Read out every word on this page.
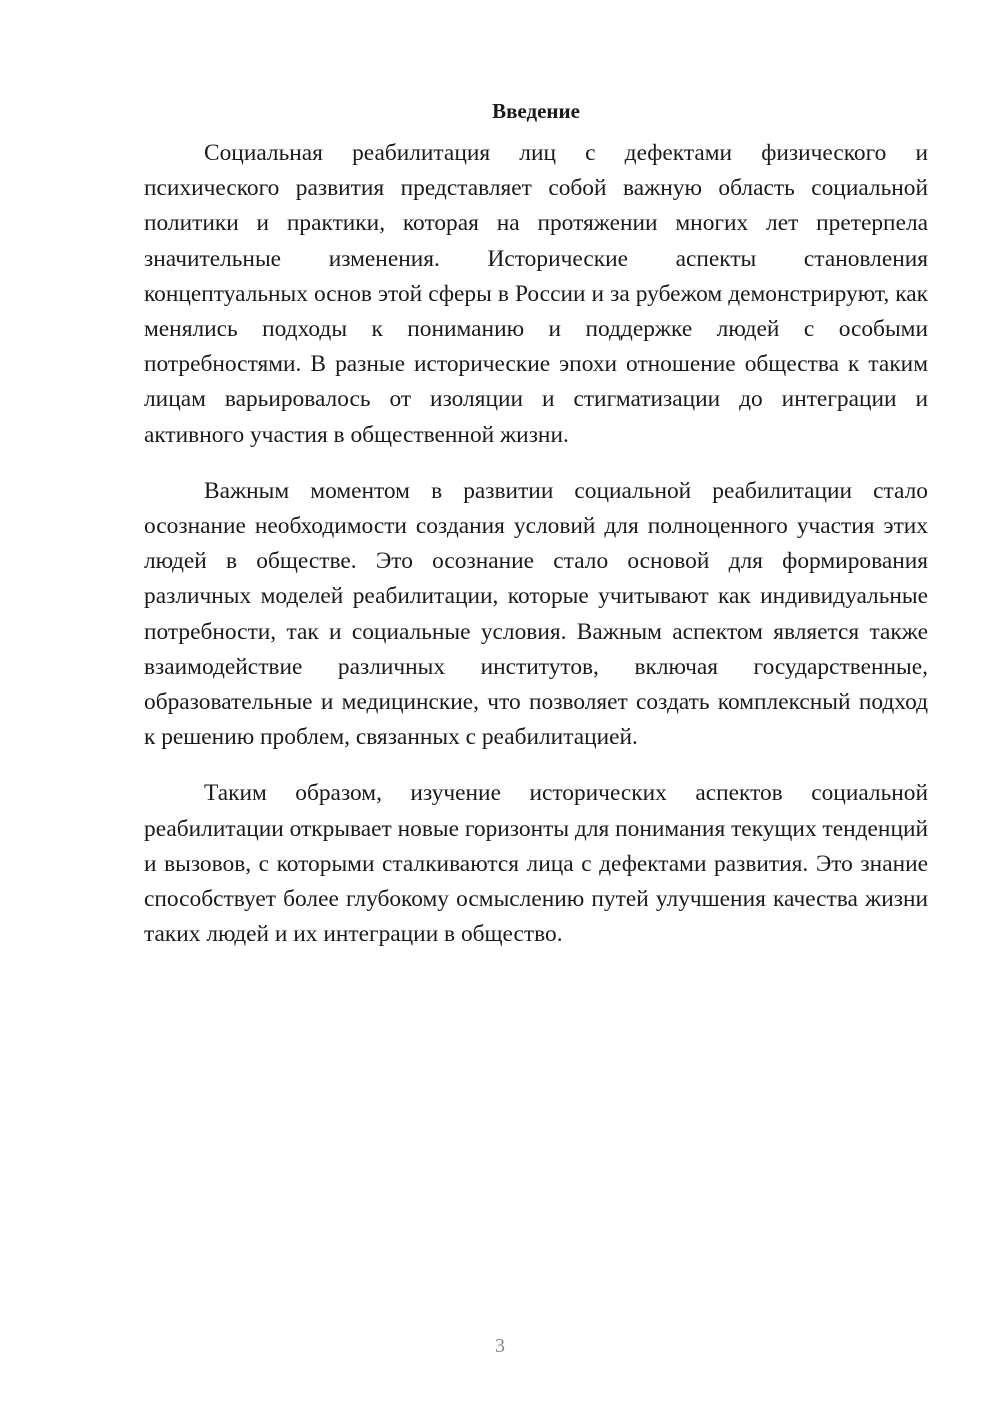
Введение

Социальная реабилитация лиц с дефектами физического и психического развития представляет собой важную область социальной политики и практики, которая на протяжении многих лет претерпела значительные изменения. Исторические аспекты становления концептуальных основ этой сферы в России и за рубежом демонстрируют, как менялись подходы к пониманию и поддержке людей с особыми потребностями. В разные исторические эпохи отношение общества к таким лицам варьировалось от изоляции и стигматизации до интеграции и активного участия в общественной жизни.

Важным моментом в развитии социальной реабилитации стало осознание необходимости создания условий для полноценного участия этих людей в обществе. Это осознание стало основой для формирования различных моделей реабилитации, которые учитывают как индивидуальные потребности, так и социальные условия. Важным аспектом является также взаимодействие различных институтов, включая государственные, образовательные и медицинские, что позволяет создать комплексный подход к решению проблем, связанных с реабилитацией.

Таким образом, изучение исторических аспектов социальной реабилитации открывает новые горизонты для понимания текущих тенденций и вызовов, с которыми сталкиваются лица с дефектами развития. Это знание способствует более глубокому осмыслению путей улучшения качества жизни таких людей и их интеграции в общество.

3
